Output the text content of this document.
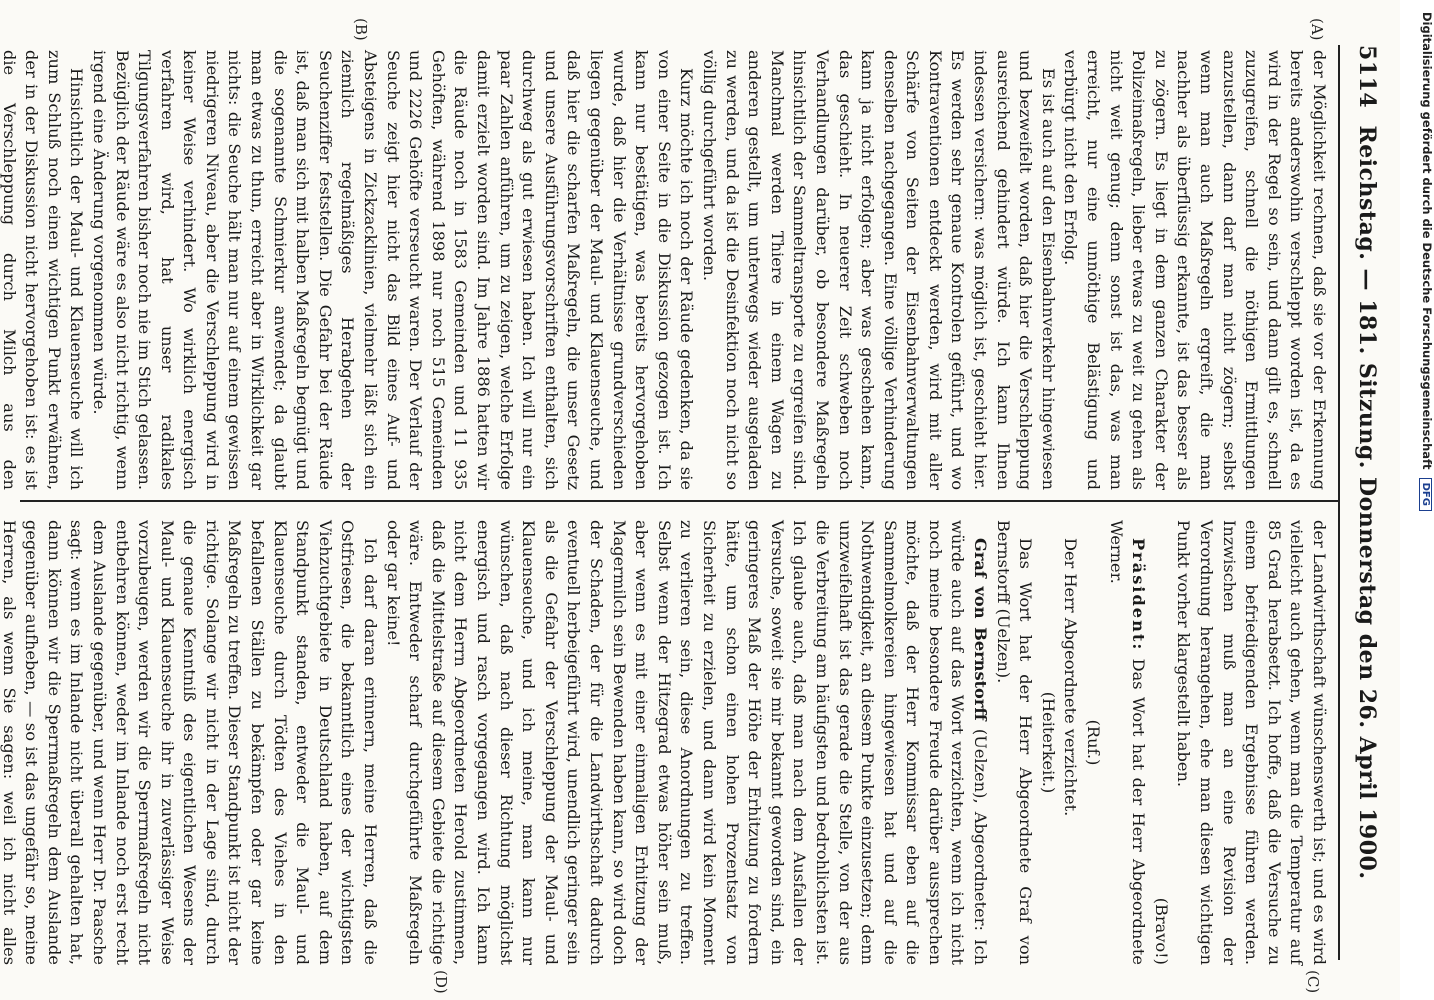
5114
Reichstag. — 181. Sitzung. Donnerstag den 26. April 1900.
(A)
(B)
(C)
(D)

der Möglichkeit rechnen, daß sie vor der Erkennung bereits anderswohin verschleppt worden ist, da es wird in der Regel so sein, und dann gilt es, schnell zuzugreifen, schnell die nöthigen Ermittlungen anzustellen, dann darf man nicht zögern; selbst wenn man auch Maßregeln ergreift, die man nachher als überflüssig erkannte, ist das besser als zu zögern. Es liegt in dem ganzen Charakter der Polizeimaßregeln, lieber etwas zu weit zu gehen als nicht weit genug; denn sonst ist das, was man erreicht, nur eine unnöthige Belästigung und verbürgt nicht den Erfolg.

Es ist auch auf den Eisenbahnverkehr hingewiesen und bezweifelt worden, daß hier die Verschleppung ausreichend gehindert würde. Ich kann Ihnen indessen versichern: was möglich ist, geschieht hier. Es werden sehr genaue Kontrolen geführt, und wo Kontraventionen entdeckt werden, wird mit aller Schärfe von Seiten der Eisenbahnverwaltungen denselben nachgegangen. Eine völlige Verhinderung kann ja nicht erfolgen; aber was geschehen kann, das geschieht. In neuerer Zeit schweben noch Verhandlungen darüber, ob besondere Maßregeln hinsichtlich der Sammeltransporte zu ergreifen sind. Manchmal werden Thiere in einem Wagen zu anderen gestellt, um unterwegs wieder ausgeladen zu werden, und da ist die Desinfektion noch nicht so völlig durchgeführt worden.

Kurz möchte ich noch der Räude gedenken, da sie von einer Seite in die Diskussion gezogen ist. Ich kann nur bestätigen, was bereits hervorgehoben wurde, daß hier die Verhältnisse grundverschieden liegen gegenüber der Maul- und Klauenseuche, und daß hier die scharfen Maßregeln, die unser Gesetz und unsere Ausführungsvorschriften enthalten, sich durchweg als gut erwiesen haben. Ich will nur ein paar Zahlen anführen, um zu zeigen, welche Erfolge damit erzielt worden sind. Im Jahre 1886 hatten wir die Räude noch in 1583 Gemeinden und 11 935 Gehöften, während 1898 nur noch 515 Gemeinden und 2226 Gehöfte verseucht waren. Der Verlauf der Seuche zeigt hier nicht das Bild eines Auf- und Absteigens in Zickzacklinien, vielmehr läßt sich ein ziemlich regelmäßiges Herabgehen der Seuchenziffer feststellen. Die Gefahr bei der Räude ist, daß man sich mit halben Maßregeln begnügt und die sogenannte Schmierkur anwendet; da glaubt man etwas zu thun, erreicht aber in Wirklichkeit gar nichts: die Seuche hält man nur auf einem gewissen niedrigeren Niveau, aber die Verschleppung wird in keiner Weise verhindert. Wo wirklich energisch verfahren wird, hat unser radikales Tilgungsverfahren bisher noch nie im Stich gelassen. Bezüglich der Räude wäre es also nicht richtig, wenn irgend eine Änderung vorgenommen würde.

Hinsichtlich der Maul- und Klauenseuche will ich zum Schluß noch einen wichtigen Punkt erwähnen, der in der Diskussion nicht hervorgehoben ist: es ist die Verschleppung durch Milch aus den

der Landwirthschaft wünschenswerth ist; und es wird vielleicht auch gehen, wenn man die Temperatur auf 85 Grad herabsetzt. Ich hoffe, daß die Versuche zu einem befriedigenden Ergebnisse führen werden. Inzwischen muß man an eine Revision der Verordnung herangehen, ehe man diesen wichtigen Punkt vorher klargestellt haben.

(Bravo!)

Präsident: Das Wort hat der Herr Abgeordnete Werner.

(Ruf.)

Der Herr Abgeordnete verzichtet.

(Heiterkeit.)

Das Wort hat der Herr Abgeordnete Graf von Bernstorff (Uelzen).

Graf von Bernstorff (Uelzen), Abgeordneter: Ich würde auch auf das Wort verzichten, wenn ich nicht noch meine besondere Freude darüber aussprechen möchte, daß der Herr Kommissar eben auf die Sammelmolkereien hingewiesen hat und auf die Nothwendigkeit, an diesem Punkte einzusetzen; denn unzweifelhaft ist das gerade die Stelle, von der aus die Verbreitung am häufigsten und bedrohlichsten ist. Ich glaube auch, daß man nach dem Ausfallen der Versuche, soweit sie mir bekannt geworden sind, ein geringeres Maß der Höhe der Erhitzung zu fordern hätte, um schon einen hohen Prozentsatz von Sicherheit zu erzielen, und dann wird kein Moment zu verlieren sein, diese Anordnungen zu treffen. Selbst wenn der Hitzegrad etwas höher sein muß, aber wenn es mit einer einmaligen Erhitzung der Magermilch sein Bewenden haben kann, so wird doch der Schaden, der für die Landwirthschaft dadurch eventuell herbeigeführt wird, unendlich geringer sein als die Gefahr der Verschleppung der Maul- und Klauenseuche, und ich meine, man kann nur wünschen, daß nach dieser Richtung möglichst energisch und rasch vorgegangen wird. Ich kann nicht dem Herrn Abgeordneten Herold zustimmen, daß die Mittelstraße auf diesem Gebiete die richtige wäre. Entweder scharf durchgeführte Maßregeln oder gar keine!

Ich darf daran erinnern, meine Herren, daß die Ostfriesen, die bekanntlich eines der wichtigsten Viehzuchtgebiete in Deutschland haben, auf dem Standpunkt standen, entweder die Maul- und Klauenseuche durch Tödten des Viehes in den befallenen Ställen zu bekämpfen oder gar keine Maßregeln zu treffen. Dieser Standpunkt ist nicht der richtige. Solange wir nicht in der Lage sind, durch die genaue Kenntniß des eigentlichen Wesens der Maul- und Klauenseuche ihr in zuverlässiger Weise vorzubeugen, werden wir die Sperrmaßregeln nicht entbehren können, weder im Inlande noch erst recht dem Auslande gegenüber, und wenn Herr Dr. Paasche sagt: wenn es im Inlande nicht überall gehalten hat, dann können wir die Sperrmaßregeln dem Auslande gegenüber aufheben, — so ist das ungefähr so, meine Herren, als wenn Sie sagen: weil ich nicht alles

Digitalisierung gefördert durch die Deutsche Forschungsgemeinschaft DFG
